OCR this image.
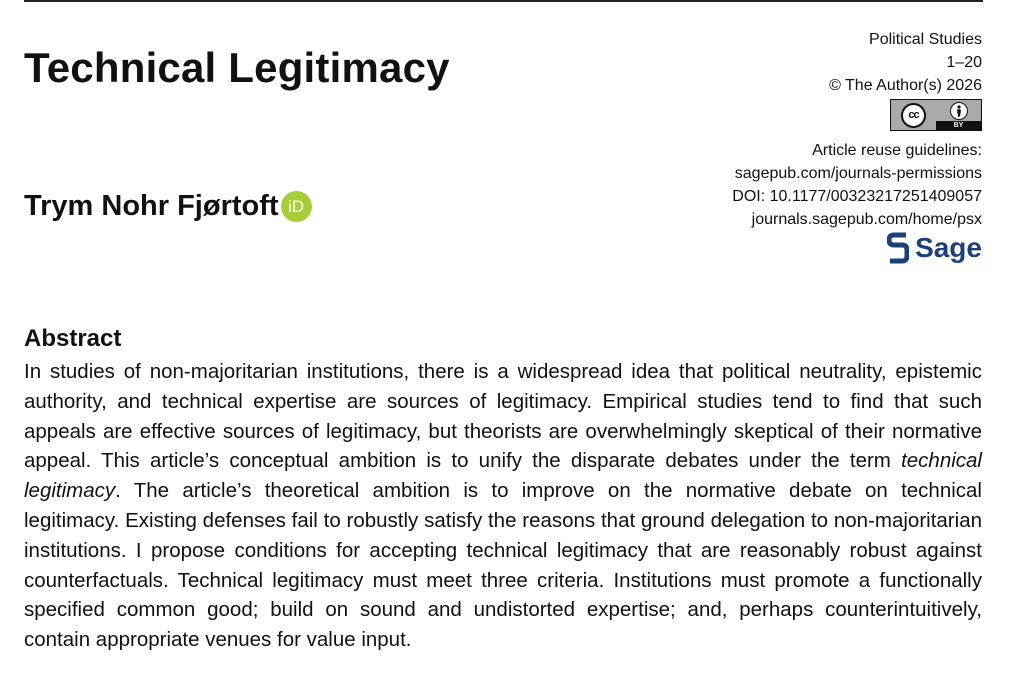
Technical Legitimacy
Political Studies
1–20
© The Author(s) 2026
cc
BY
Article reuse guidelines:
sagepub.com/journals-permissions
DOI: 10.1177/00323217251409057
journals.sagepub.com/home/psx
Sage
Trym Nohr Fjørtoft iD
Abstract

In studies of non-majoritarian institutions, there is a widespread idea that political neutrality, epistemic authority, and technical expertise are sources of legitimacy. Empirical studies tend to find that such appeals are effective sources of legitimacy, but theorists are overwhelmingly skeptical of their normative appeal. This article’s conceptual ambition is to unify the disparate debates under the term technical legitimacy. The article’s theoretical ambition is to improve on the normative debate on technical legitimacy. Existing defenses fail to robustly satisfy the reasons that ground delegation to non-majoritarian institutions. I propose conditions for accepting technical legitimacy that are reasonably robust against counterfactuals. Technical legitimacy must meet three criteria. Institutions must promote a functionally specified common good; build on sound and undistorted expertise; and, perhaps counterintuitively, contain appropriate venues for value input.
